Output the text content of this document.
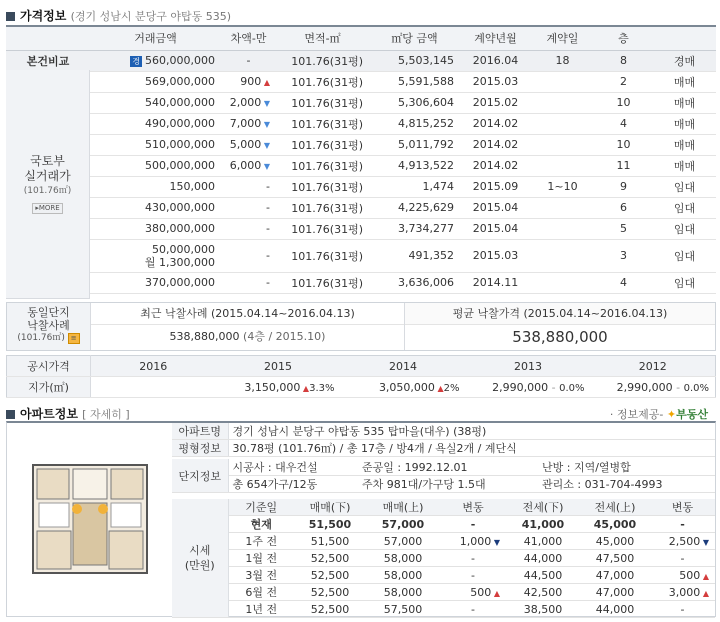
가격정보 (경기 성남시 분당구 야탑동 535)
	거래금액	차액-만	면적-㎡	㎡당 금액	계약년월	계약일	층	
본건비교	경 560,000,000	-	101.76(31평)	5,503,145	2016.04	18	8	경매

	569,000,000	900 ▲	101.76(31평)	5,591,588	2015.03		2	매매

	540,000,000	2,000 ▼	101.76(31평)	5,306,604	2015.02		10	매매

	490,000,000	7,000 ▼	101.76(31평)	4,815,252	2014.02		4	매매

	510,000,000	5,000 ▼	101.76(31평)	5,011,792	2014.02		10	매매

	500,000,000	6,000 ▼	101.76(31평)	4,913,522	2014.02		11	매매

	150,000	-	101.76(31평)	1,474	2015.09	1~10	9	임대

	430,000,000	-	101.76(31평)	4,225,629	2015.04		6	임대

	380,000,000	-	101.76(31평)	3,734,277	2015.04		5	임대

	50,000,000
월 1,300,000	-	101.76(31평)	491,352	2015.03		3	임대

	370,000,000	-	101.76(31평)	3,636,006	2014.11		4	임대
동일단지
낙찰사례
(101.76㎡) ≡
최근 낙찰사례 (2015.04.14~2016.04.13)
538,880,000 (4층 / 2015.10)
평균 낙찰가격 (2015.04.14~2016.04.13)
538,880,000
공시가격	2016	2015	2014	2013	2012
지가(㎡)		3,150,000 ▲3.3%	3,050,000 ▲2%	2,990,000 - 0.0%	2,990,000 - 0.0%
아파트정보 [ 자세히 ]	· 정보제공- ✦부동산
아파트명	경기 성남시 분당구 야탑동 535 탑마을(대우) (38평)
평형정보	30.78평 (101.76㎡) / 총 17층 / 방4개 / 욕실2개 / 계단식
단지정보	시공사 : 대우건설	준공일 : 1992.12.01	난방 : 지역/열병합
	총 654가구/12동	주차 981대/가구당 1.5대	관리소 : 031-704-4993
시세
(만원)	기준일	매매(下)	매매(上)	변동	전세(下)	전세(上)	변동
	현재	51,500	57,000	-	41,000	45,000	-
	1주 전	51,500	57,000	1,000 ▼	41,000	45,000	2,500 ▼
	1월 전	52,500	58,000	-	44,000	47,500	-
	3월 전	52,500	58,000	-	44,500	47,000	500 ▲
	6월 전	52,500	58,000	500 ▲	42,500	47,000	3,000 ▲
	1년 전	52,500	57,500	-	38,500	44,000	-
국토부
실거래가
(101.76㎡)
▸MORE
